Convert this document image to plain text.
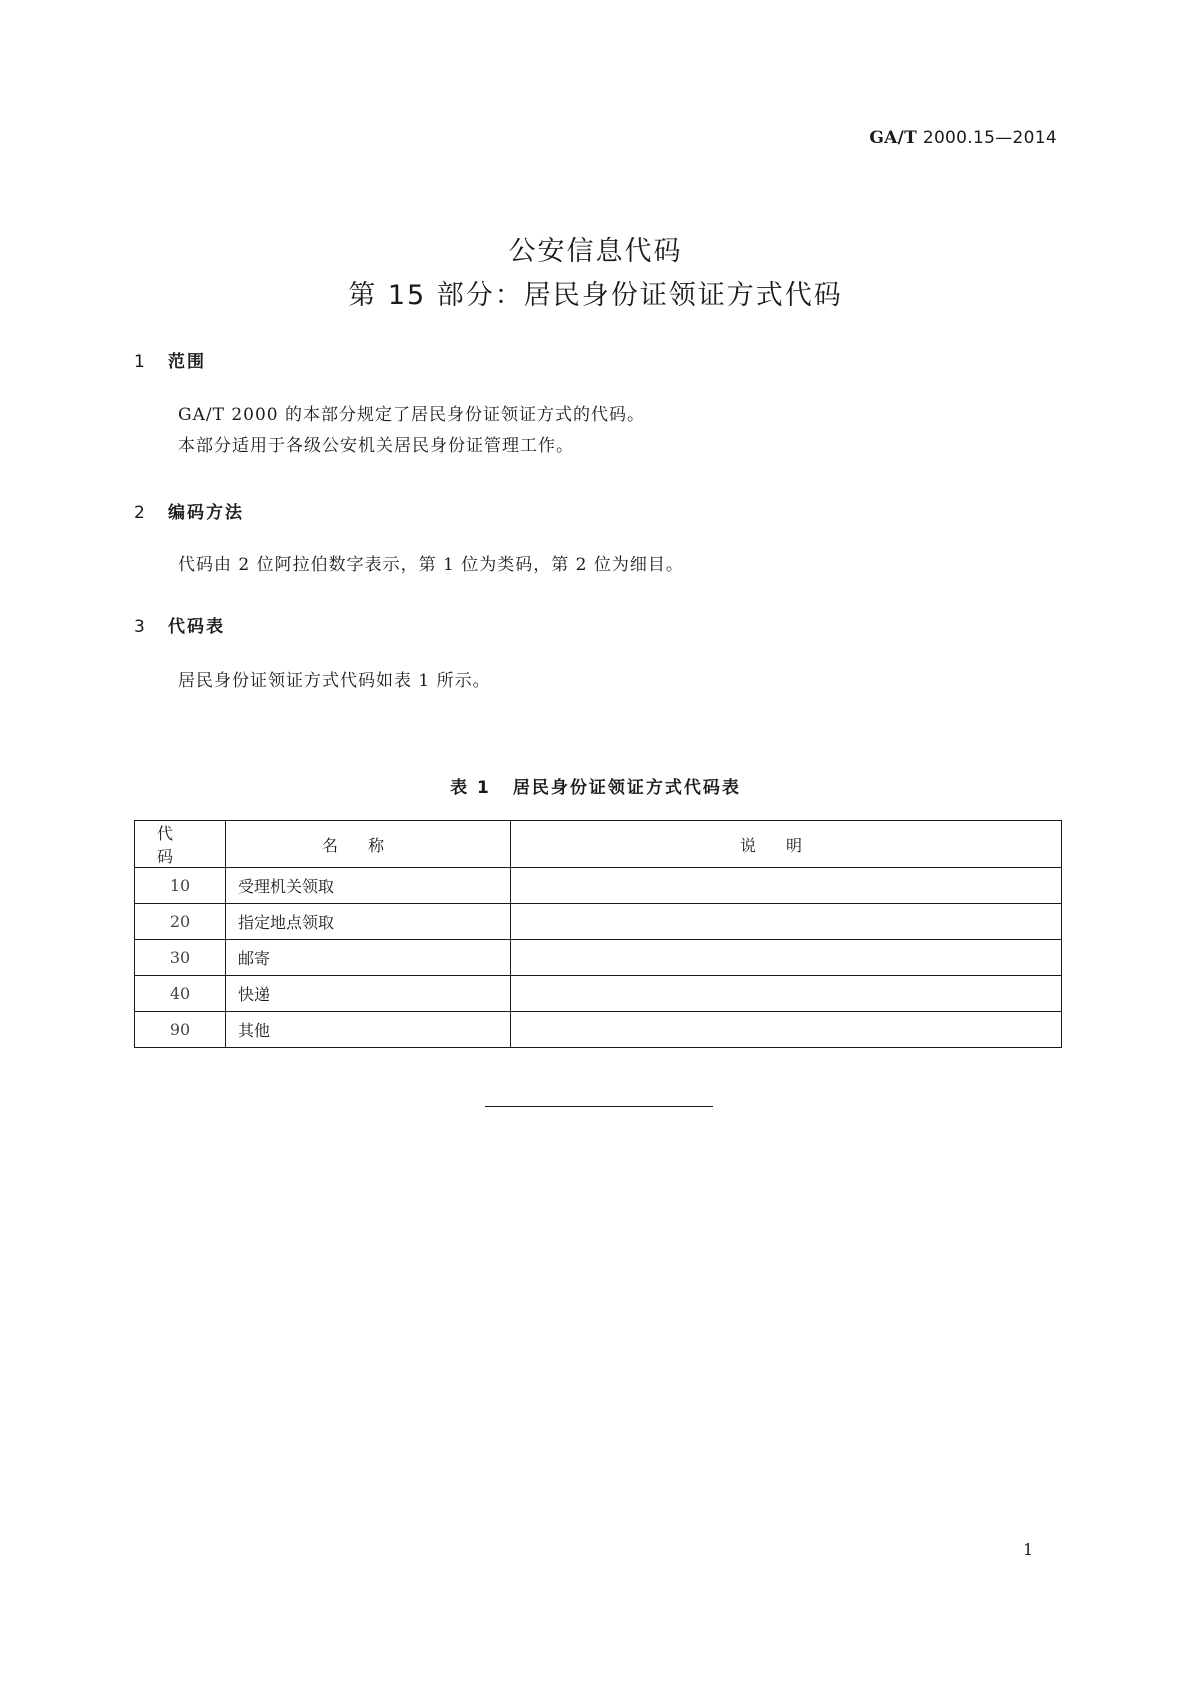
GA/T 2000.15—2014
公安信息代码
第 15 部分：居民身份证领证方式代码
1 范围
GA/T 2000 的本部分规定了居民身份证领证方式的代码。
本部分适用于各级公安机关居民身份证管理工作。
2 编码方法
代码由 2 位阿拉伯数字表示，第 1 位为类码，第 2 位为细目。
3 代码表
居民身份证领证方式代码如表 1 所示。
表 1 居民身份证领证方式代码表
代码	名称	说明
10	受理机关领取	
20	指定地点领取	
30	邮寄	
40	快递	
90	其他	
1
